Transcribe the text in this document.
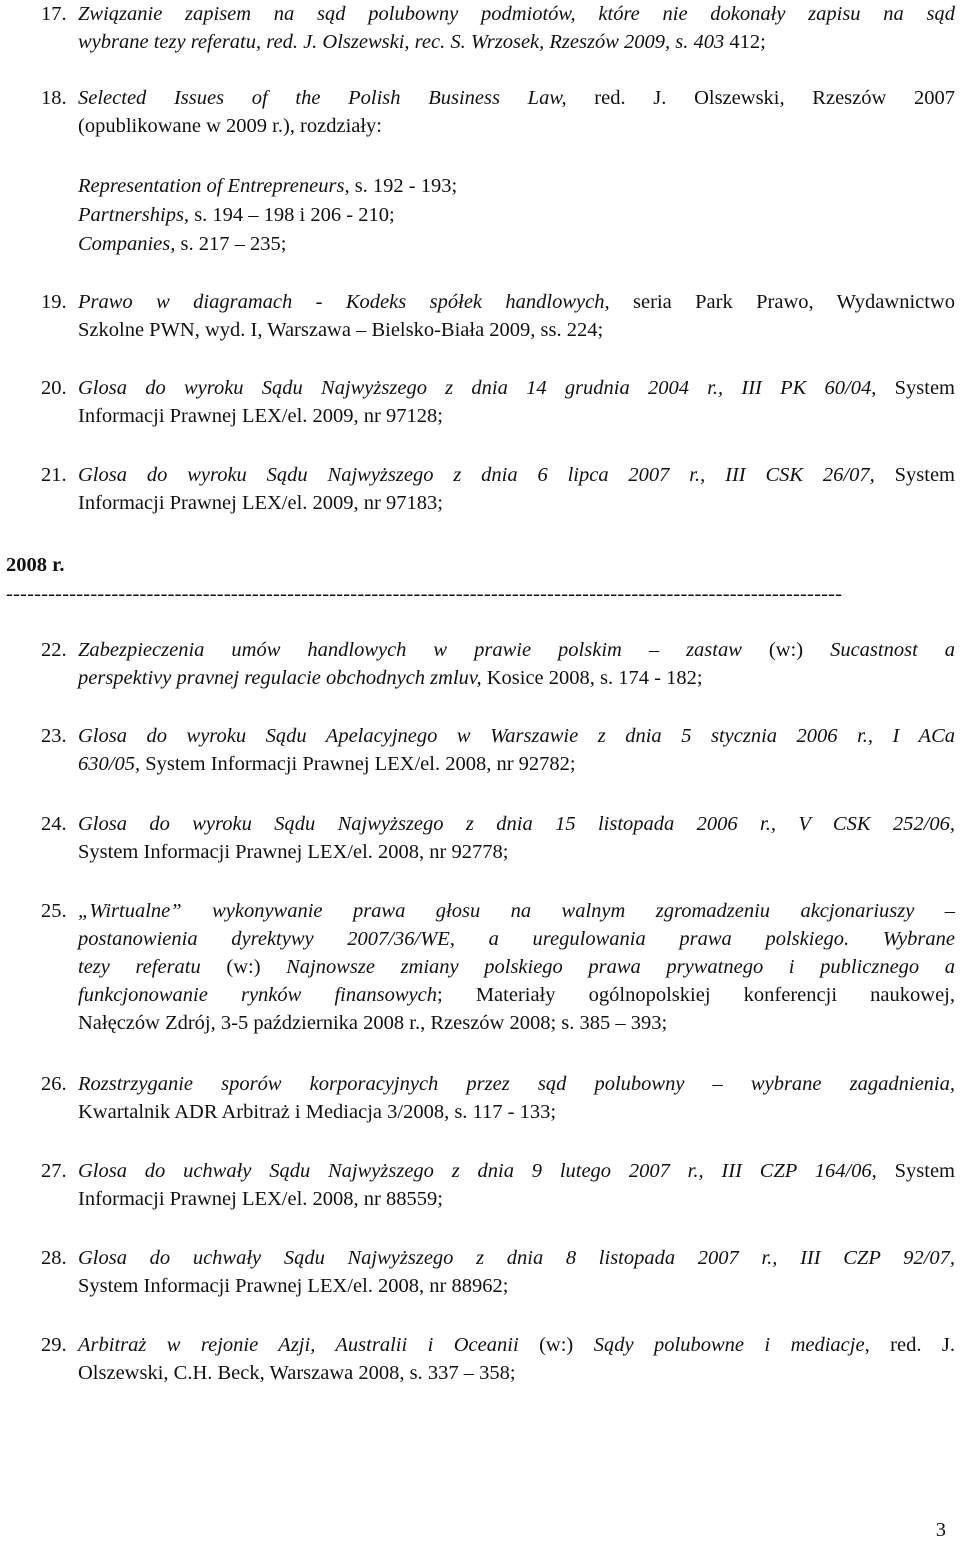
17. Związanie zapisem na sąd polubowny podmiotów, które nie dokonały zapisu na sąd
wybrane tezy referatu, red. J. Olszewski, rec. S. Wrzosek, Rzeszów 2009, s. 403 412;
18. Selected Issues of the Polish Business Law, red. J. Olszewski, Rzeszów 2007
(opublikowane w 2009 r.), rozdziały:
Representation of Entrepreneurs, s. 192 - 193;
Partnerships, s. 194 – 198 i 206 - 210;
Companies, s. 217 – 235;
19. Prawo w diagramach - Kodeks spółek handlowych, seria Park Prawo, Wydawnictwo
Szkolne PWN, wyd. I, Warszawa – Bielsko-Biała 2009, ss. 224;
20. Glosa do wyroku Sądu Najwyższego z dnia 14 grudnia 2004 r., III PK 60/04, System
Informacji Prawnej LEX/el. 2009, nr 97128;
21. Glosa do wyroku Sądu Najwyższego z dnia 6 lipca 2007 r., III CSK 26/07, System
Informacji Prawnej LEX/el. 2009, nr 97183;
2008 r.
-----------------------------------------------------------------------------------------------------------------------
22. Zabezpieczenia umów handlowych w prawie polskim – zastaw (w:) Sucastnost a
perspektivy pravnej regulacie obchodnych zmluv, Kosice 2008, s. 174 - 182;
23. Glosa do wyroku Sądu Apelacyjnego w Warszawie z dnia 5 stycznia 2006 r., I ACa
630/05, System Informacji Prawnej LEX/el. 2008, nr 92782;
24. Glosa do wyroku Sądu Najwyższego z dnia 15 listopada 2006 r., V CSK 252/06,
System Informacji Prawnej LEX/el. 2008, nr 92778;
25. „Wirtualne” wykonywanie prawa głosu na walnym zgromadzeniu akcjonariuszy –
postanowienia dyrektywy 2007/36/WE, a uregulowania prawa polskiego. Wybrane
tezy referatu (w:) Najnowsze zmiany polskiego prawa prywatnego i publicznego a
funkcjonowanie rynków finansowych; Materiały ogólnopolskiej konferencji naukowej,
Nałęczów Zdrój, 3-5 października 2008 r., Rzeszów 2008; s. 385 – 393;
26. Rozstrzyganie sporów korporacyjnych przez sąd polubowny – wybrane zagadnienia,
Kwartalnik ADR Arbitraż i Mediacja 3/2008, s. 117 - 133;
27. Glosa do uchwały Sądu Najwyższego z dnia 9 lutego 2007 r., III CZP 164/06, System
Informacji Prawnej LEX/el. 2008, nr 88559;
28. Glosa do uchwały Sądu Najwyższego z dnia 8 listopada 2007 r., III CZP 92/07,
System Informacji Prawnej LEX/el. 2008, nr 88962;
29. Arbitraż w rejonie Azji, Australii i Oceanii (w:) Sądy polubowne i mediacje, red. J.
Olszewski, C.H. Beck, Warszawa 2008, s. 337 – 358;
3
